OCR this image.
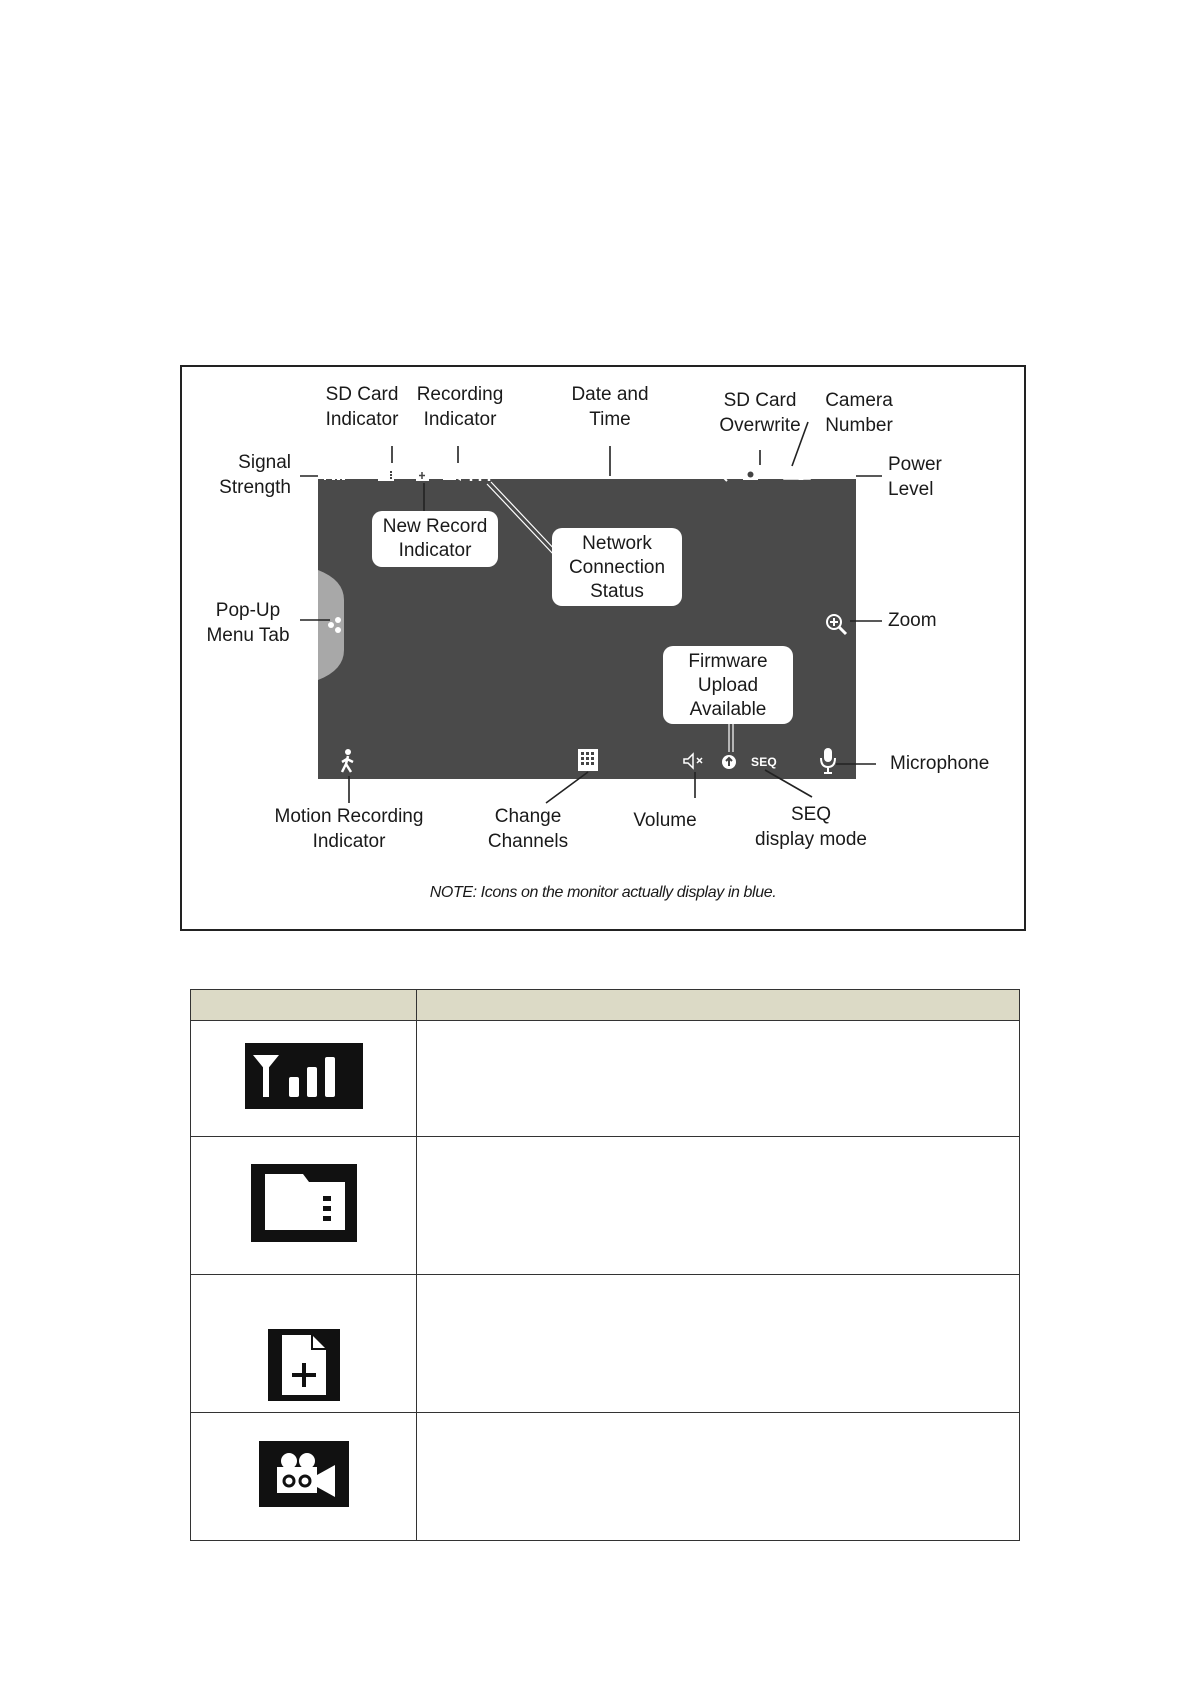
08/09/2014 08:30:00 AM	1
SEQ
New Record
Indicator	Network
Connection
Status
Firmware
Upload
Available
Signal
Strength
SD Card
Indicator
Recording
Indicator
Date and
Time
SD Card
Overwrite
Camera
Number
Power
Level
Pop-Up
Menu Tab
Zoom
Microphone
Motion Recording
Indicator
Change
Channels
Volume	SEQ
display mode
NOTE: Icons on the monitor actually display in blue.
